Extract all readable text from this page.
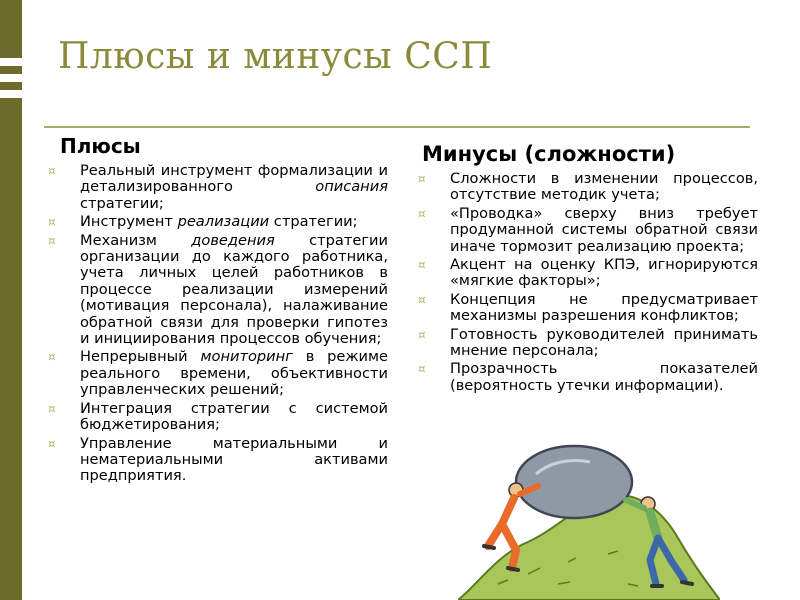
Плюсы и минусы ССП
Плюсы
¤ Реальный инструмент формализации и детализированного описания стратегии;
¤ Инструмент реализации стратегии;
¤ Механизм доведения стратегии организации до каждого работника, учета личных целей работников в процессе реализации измерений (мотивация персонала), налаживание обратной связи для проверки гипотез и инициирования процессов обучения;
¤ Непрерывный мониторинг в режиме реального времени, объективности управленческих решений;
¤ Интеграция стратегии с системой бюджетирования;
¤ Управление материальными и нематериальными активами предприятия.
Минусы (сложности)
¤ Сложности в изменении процессов, отсутствие методик учета;
¤ «Проводка» сверху вниз требует продуманной системы обратной связи иначе тормозит реализацию проекта;
¤ Акцент на оценку КПЭ, игнорируются «мягкие факторы»;
¤ Концепция не предусматривает механизмы разрешения конфликтов;
¤ Готовность руководителей принимать мнение персонала;
¤ Прозрачность показателей (вероятность утечки информации).
